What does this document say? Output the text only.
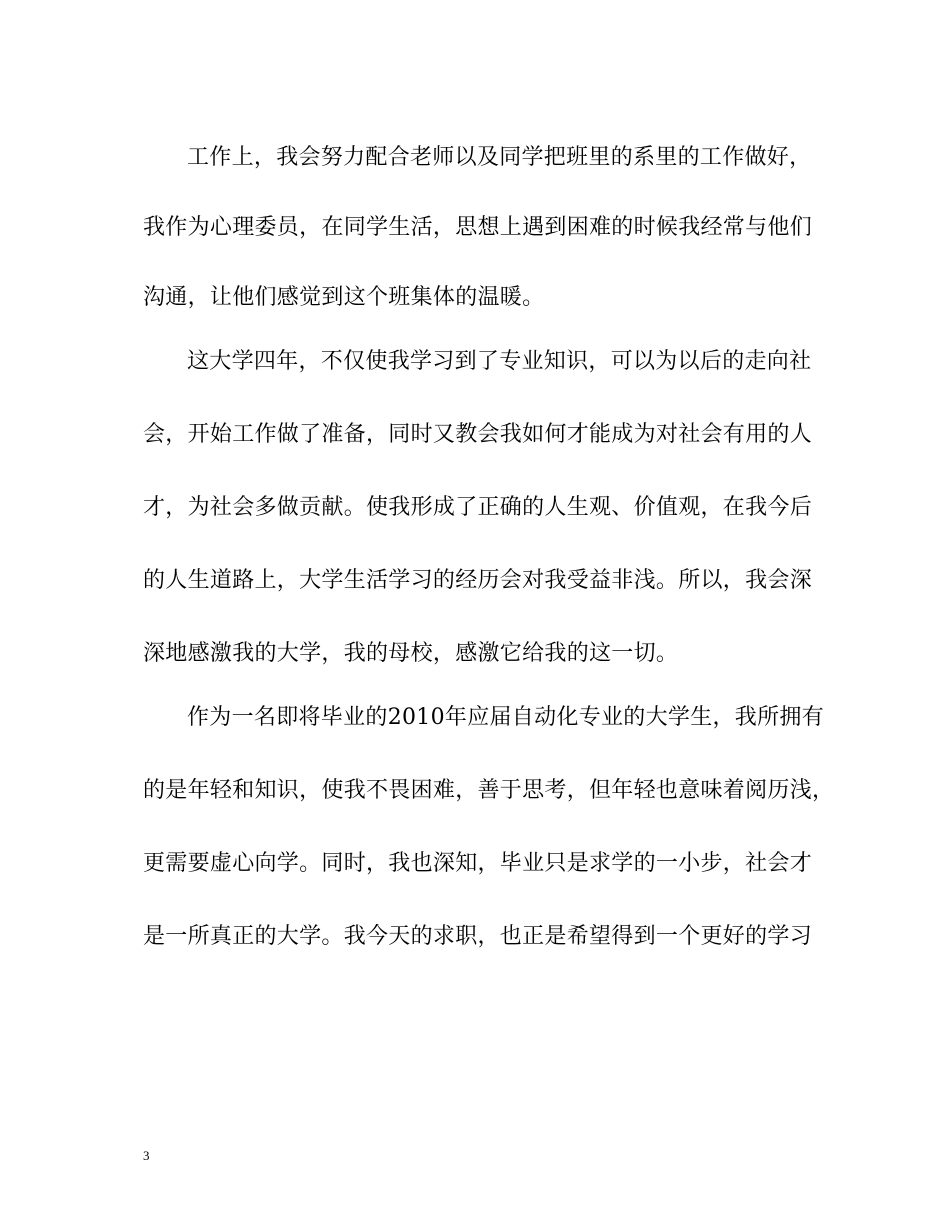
工作上，我会努力配合老师以及同学把班里的系里的工作做好，
我作为心理委员，在同学生活，思想上遇到困难的时候我经常与他们
沟通，让他们感觉到这个班集体的温暖。
这大学四年，不仅使我学习到了专业知识，可以为以后的走向社
会，开始工作做了准备，同时又教会我如何才能成为对社会有用的人
才，为社会多做贡献。使我形成了正确的人生观、价值观，在我今后
的人生道路上，大学生活学习的经历会对我受益非浅。所以，我会深
深地感激我的大学，我的母校，感激它给我的这一切。
作为一名即将毕业的2010年应届自动化专业的大学生，我所拥有
的是年轻和知识，使我不畏困难，善于思考，但年轻也意味着阅历浅，
更需要虚心向学。同时，我也深知，毕业只是求学的一小步，社会才
是一所真正的大学。我今天的求职，也正是希望得到一个更好的学习
3
